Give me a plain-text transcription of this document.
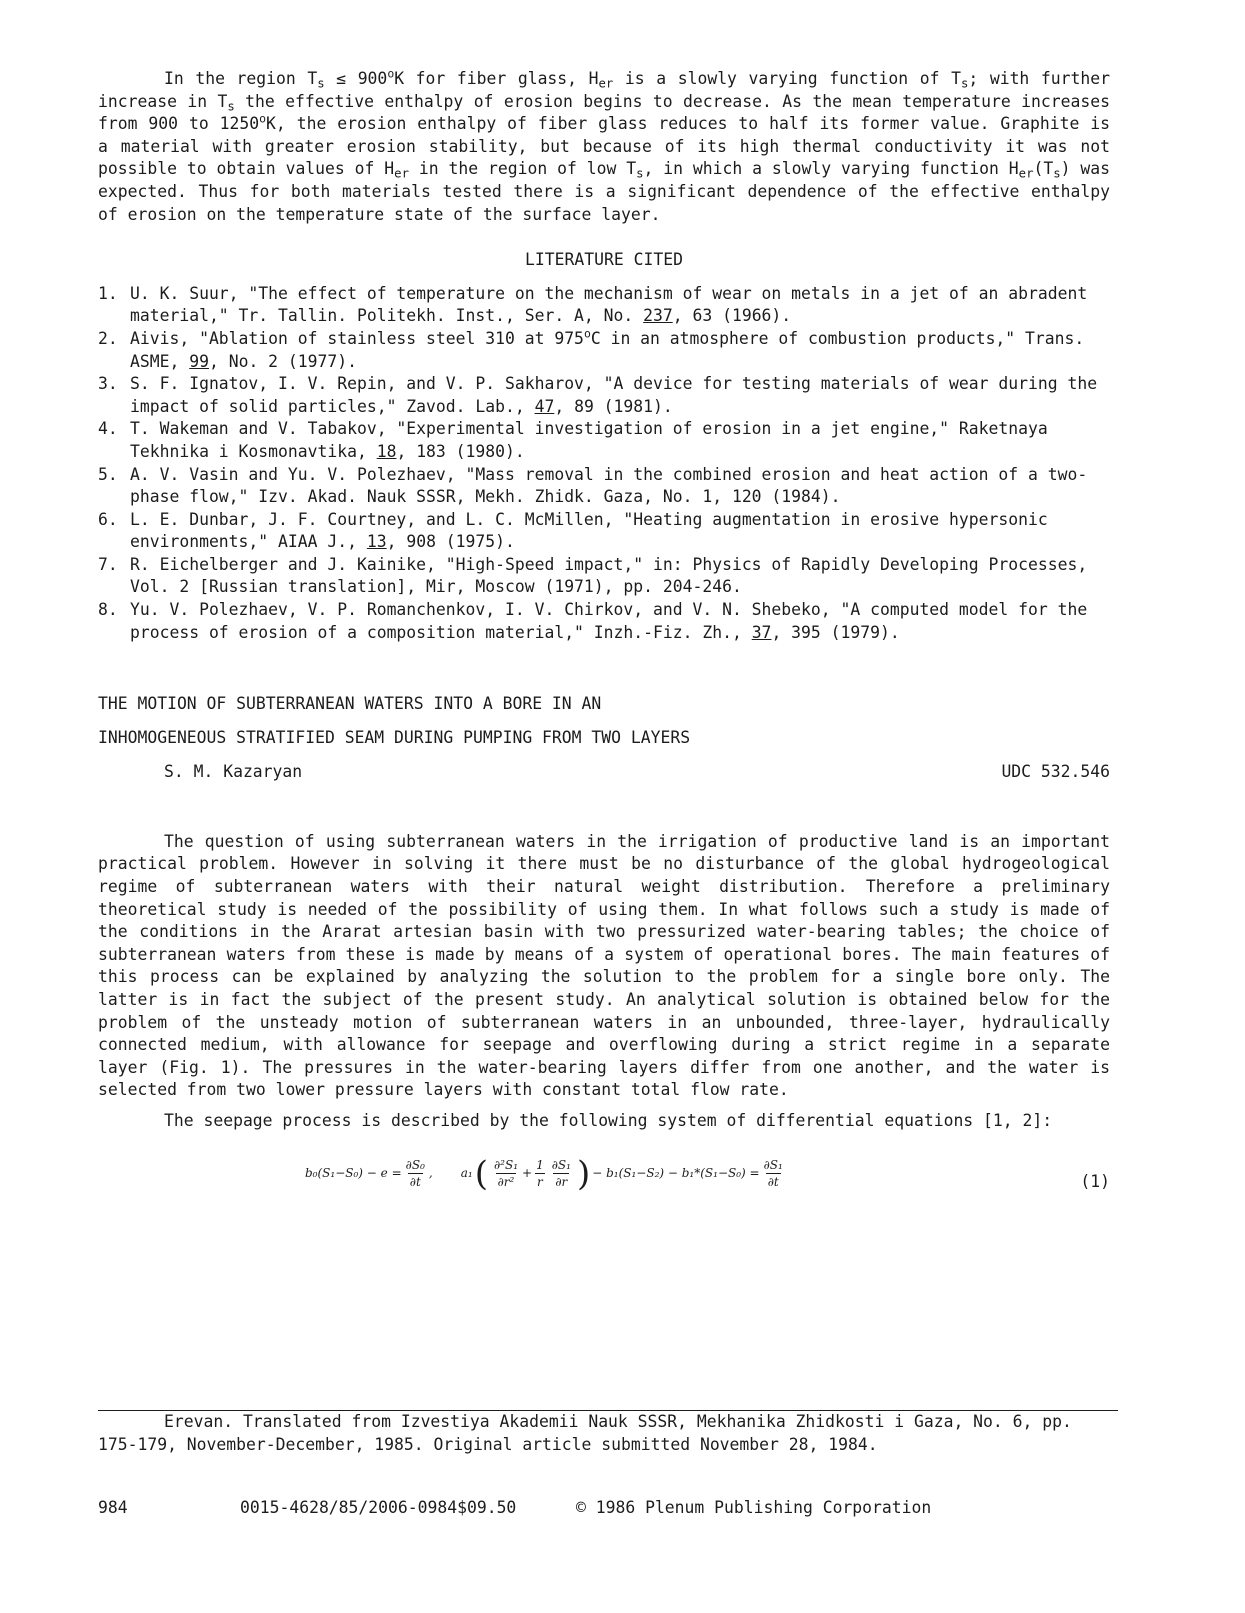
In the region $T_s \le 900^oK$ for fiber glass, $H_{er}$ is a slowly varying function of $T_s$; with further increase in $T_s$ the effective enthalpy of erosion begins to decrease. As the mean temperature increases from 900 to 1250$^o$K, the erosion enthalpy of fiber glass reduces to half its former value. Graphite is a material with greater erosion stability, but because of its high thermal conductivity it was not possible to obtain values of $H_{er}$ in the region of low $T_s$, in which a slowly varying function $H_{er}(T_s)$ was expected. Thus for both materials tested there is a significant dependence of the effective enthalpy of erosion on the temperature state of the surface layer.

LITERATURE CITED

1. U. K. Suur, "The effect of temperature on the mechanism of wear on metals in a jet of an abradent material," Tr. Tallin. Politekh. Inst., Ser. A, No. 237, 63 (1966).
2. Aivis, "Ablation of stainless steel 310 at 975$^o$C in an atmosphere of combustion products," Trans. ASME, 99, No. 2 (1977).
3. S. F. Ignatov, I. V. Repin, and V. P. Sakharov, "A device for testing materials of wear during the impact of solid particles," Zavod. Lab., 47, 89 (1981).
4. T. Wakeman and V. Tabakov, "Experimental investigation of erosion in a jet engine," Raketnaya Tekhnika i Kosmonavtika, 18, 183 (1980).
5. A. V. Vasin and Yu. V. Polezhaev, "Mass removal in the combined erosion and heat action of a two-phase flow," Izv. Akad. Nauk SSSR, Mekh. Zhidk. Gaza, No. 1, 120 (1984).
6. L. E. Dunbar, J. F. Courtney, and L. C. McMillen, "Heating augmentation in erosive hypersonic environments," AIAA J., 13, 908 (1975).
7. R. Eichelberger and J. Kainike, "High-Speed impact," in: Physics of Rapidly Developing Processes, Vol. 2 [Russian translation], Mir, Moscow (1971), pp. 204-246.
8. Yu. V. Polezhaev, V. P. Romanchenkov, I. V. Chirkov, and V. N. Shebeko, "A computed model for the process of erosion of a composition material," Inzh.-Fiz. Zh., 37, 395 (1979).
THE MOTION OF SUBTERRANEAN WATERS INTO A BORE IN AN
INHOMOGENEOUS STRATIFIED SEAM DURING PUMPING FROM TWO LAYERS
S. M. Kazaryan	UDC 532.546

The question of using subterranean waters in the irrigation of productive land is an important practical problem. However in solving it there must be no disturbance of the global hydrogeological regime of subterranean waters with their natural weight distribution. Therefore a preliminary theoretical study is needed of the possibility of using them. In what follows such a study is made of the conditions in the Ararat artesian basin with two pressurized water-bearing tables; the choice of subterranean waters from these is made by means of a system of operational bores. The main features of this process can be explained by analyzing the solution to the problem for a single bore only. The latter is in fact the subject of the present study. An analytical solution is obtained below for the problem of the unsteady motion of subterranean waters in an unbounded, three-layer, hydraulically connected medium, with allowance for seepage and overflowing during a strict regime in a separate layer (Fig. 1). The pressures in the water-bearing layers differ from one another, and the water is selected from two lower pressure layers with constant total flow rate.

The seepage process is described by the following system of differential equations [1, 2]:

$b_0(S_1-S_0) - e = \frac{\text{∂S₀}}{\partial t}$ , a₁ ( $\frac{\text{∂²S₁}}{\text{∂r²}} + \frac{1}{r} \frac{\text{∂S₁}}{\partial r}$ ) − $b_1(S_1-S_2) - b_1*(S_1-S_0) = \frac{\text{∂S₁}}{\partial t}$	(1)

Erevan. Translated from Izvestiya Akademii Nauk SSSR, Mekhanika Zhidkosti i Gaza, No. 6, pp. 175-179, November-December, 1985. Original article submitted November 28, 1984.

984	0015-4628/85/2006-0984$09.50	© 1986 Plenum Publishing Corporation
